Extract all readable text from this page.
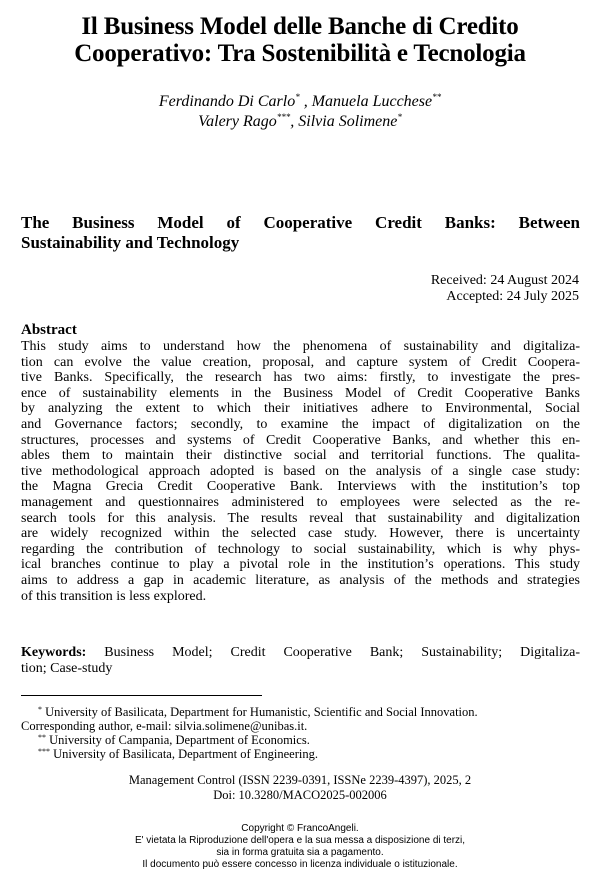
Il Business Model delle Banche di Credito
Cooperativo: Tra Sostenibilità e Tecnologia
Ferdinando Di Carlo* , Manuela Lucchese**
Valery Rago***, Silvia Solimene*
The Business Model of Cooperative Credit Banks: Between
Sustainability and Technology
Received: 24 August 2024
Accepted: 24 July 2025
Abstract
This study aims to understand how the phenomena of sustainability and digitaliza-
tion can evolve the value creation, proposal, and capture system of Credit Coopera-
tive Banks. Specifically, the research has two aims: firstly, to investigate the pres-
ence of sustainability elements in the Business Model of Credit Cooperative Banks
by analyzing the extent to which their initiatives adhere to Environmental, Social
and Governance factors; secondly, to examine the impact of digitalization on the
structures, processes and systems of Credit Cooperative Banks, and whether this en-
ables them to maintain their distinctive social and territorial functions. The qualita-
tive methodological approach adopted is based on the analysis of a single case study:
the Magna Grecia Credit Cooperative Bank. Interviews with the institution’s top
management and questionnaires administered to employees were selected as the re-
search tools for this analysis. The results reveal that sustainability and digitalization
are widely recognized within the selected case study. However, there is uncertainty
regarding the contribution of technology to social sustainability, which is why phys-
ical branches continue to play a pivotal role in the institution’s operations. This study
aims to address a gap in academic literature, as analysis of the methods and strategies
of this transition is less explored.
Keywords: Business Model; Credit Cooperative Bank; Sustainability; Digitaliza-
tion; Case-study
* University of Basilicata, Department for Humanistic, Scientific and Social Innovation.
Corresponding author, e-mail: silvia.solimene@unibas.it.
** University of Campania, Department of Economics.
*** University of Basilicata, Department of Engineering.
Management Control (ISSN 2239-0391, ISSNe 2239-4397), 2025, 2
Doi: 10.3280/MACO2025-002006
Copyright © FrancoAngeli.
E' vietata la Riproduzione dell'opera e la sua messa a disposizione di terzi,
sia in forma gratuita sia a pagamento.
Il documento può essere concesso in licenza individuale o istituzionale.
